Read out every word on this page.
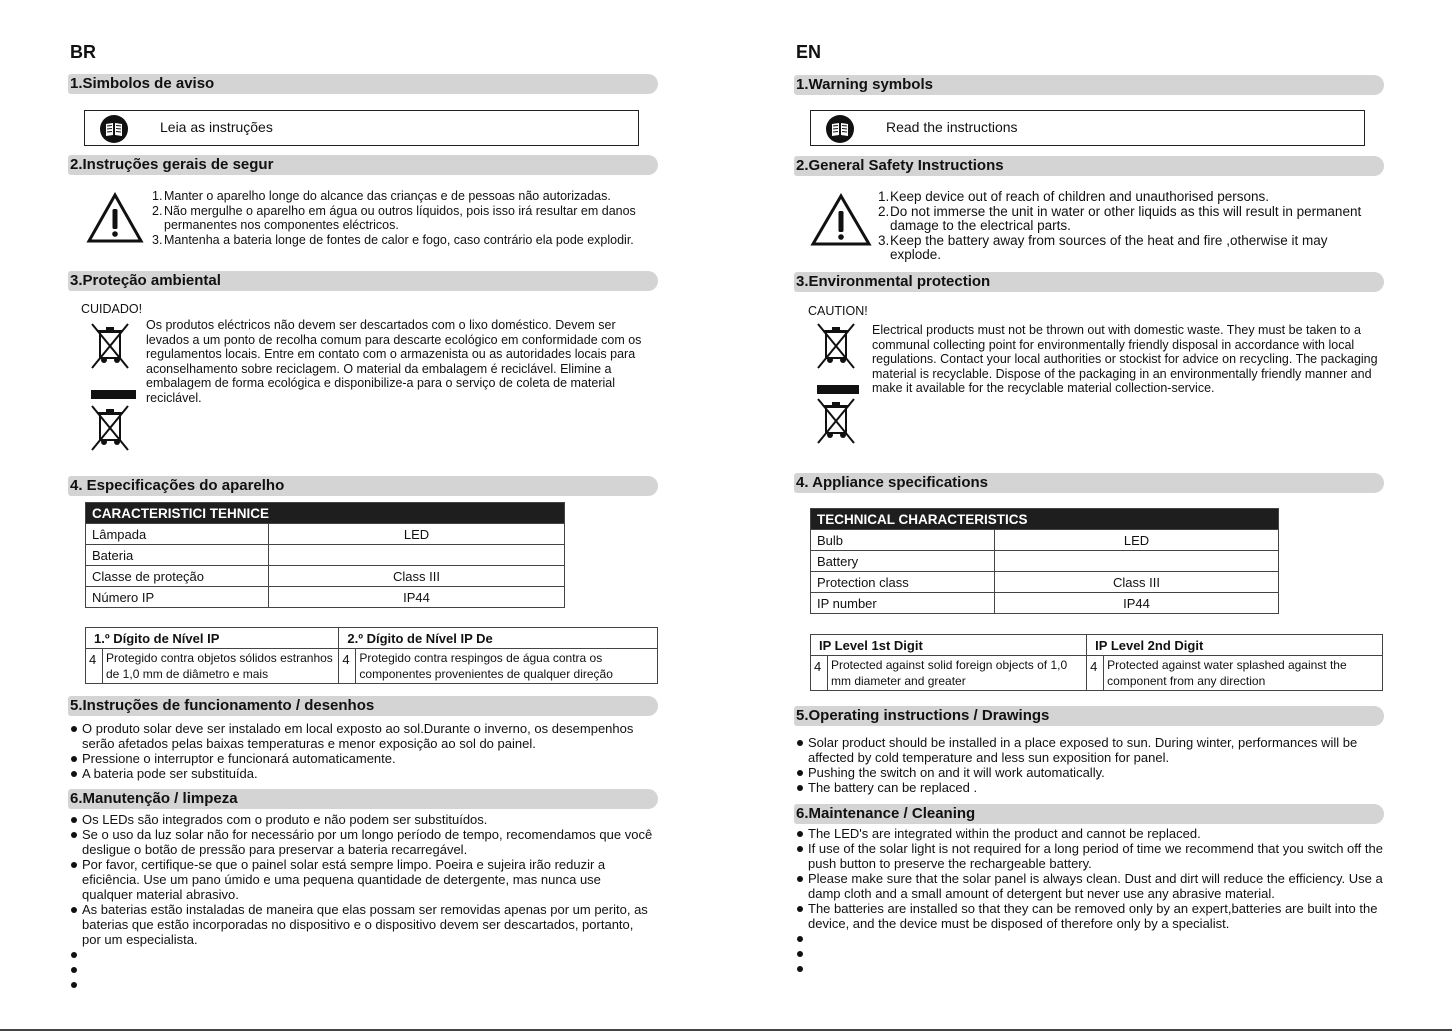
BR
1.Simbolos de aviso
Leia as instruções
2.Instruções gerais de segur
1. Manter o aparelho longe do alcance das crianças e de pessoas não autorizadas.
2. Não mergulhe o aparelho em água ou outros líquidos, pois isso irá resultar em danos permanentes nos componentes eléctricos.
3. Mantenha a bateria longe de fontes de calor e fogo, caso contrário ela pode explodir.
3.Proteção ambiental
CUIDADO!
Os produtos eléctricos não devem ser descartados com o lixo doméstico. Devem ser levados a um ponto de recolha comum para descarte ecológico em conformidade com os regulamentos locais. Entre em contato com o armazenista ou as autoridades locais para aconselhamento sobre reciclagem. O material da embalagem é reciclável. Elimine a embalagem de forma ecológica e disponibilize-a para o serviço de coleta de material reciclável.
4. Especificações do aparelho
CARACTERISTICI TEHNICE	
Lâmpada	LED
Bateria	
Classe de proteção	Class III
Número IP	IP44
1.º Dígito de Nível IP		2.º Dígito de Nível IP De	
4	Protegido contra objetos sólidos estranhos de 1,0 mm de diâmetro e mais	4	Protegido contra respingos de água contra os componentes provenientes de qualquer direção
5.Instruções de funcionamento / desenhos
O produto solar deve ser instalado em local exposto ao sol.Durante o inverno, os desempenhos serão afetados pelas baixas temperaturas e menor exposição ao sol do painel.
Pressione o interruptor e funcionará automaticamente.
A bateria pode ser substituída.
6.Manutenção / limpeza
Os LEDs são integrados com o produto e não podem ser substituídos.
Se o uso da luz solar não for necessário por um longo período de tempo, recomendamos que você desligue o botão de pressão para preservar a bateria recarregável.
Por favor, certifique-se que o painel solar está sempre limpo. Poeira e sujeira irão reduzir a eficiência. Use um pano úmido e uma pequena quantidade de detergente, mas nunca use qualquer material abrasivo.
As baterias estão instaladas de maneira que elas possam ser removidas apenas por um perito, as baterias que estão incorporadas no dispositivo e o dispositivo devem ser descartados, portanto, por um especialista.
EN
1.Warning symbols
Read the instructions
2.General Safety Instructions
1. Keep device out of reach of children and unauthorised persons.
2. Do not immerse the unit in water or other liquids as this will result in permanent damage to the electrical parts.
3. Keep the battery away from sources of the heat and fire ,otherwise it may explode.
3.Environmental protection
CAUTION!
Electrical products must not be thrown out with domestic waste. They must be taken to a communal collecting point for environmentally friendly disposal in accordance with local regulations. Contact your local authorities or stockist for advice on recycling. The packaging material is recyclable. Dispose of the packaging in an environmentally friendly manner and make it available for the recyclable material collection-service.
4. Appliance specifications
TECHNICAL CHARACTERISTICS	
Bulb	LED
Battery	
Protection class	Class III
IP number	IP44
IP Level 1st Digit		IP Level 2nd Digit	
4	Protected against solid foreign objects of 1,0 mm diameter and greater	4	Protected against water splashed against the component from any direction
5.Operating instructions / Drawings
Solar product should be installed in a place exposed to sun. During winter, performances will be affected by cold temperature and less sun exposition for panel.
Pushing the switch on and it will work automatically.
The battery can be replaced .
6.Maintenance / Cleaning
The LED's are integrated within the product and cannot be replaced.
If use of the solar light is not required for a long period of time we recommend that you switch off the push button to preserve the rechargeable battery.
Please make sure that the solar panel is always clean. Dust and dirt will reduce the efficiency. Use a damp cloth and a small amount of detergent but never use any abrasive material.
The batteries are installed so that they can be removed only by an expert,batteries are built into the device, and the device must be disposed of therefore only by a specialist.
